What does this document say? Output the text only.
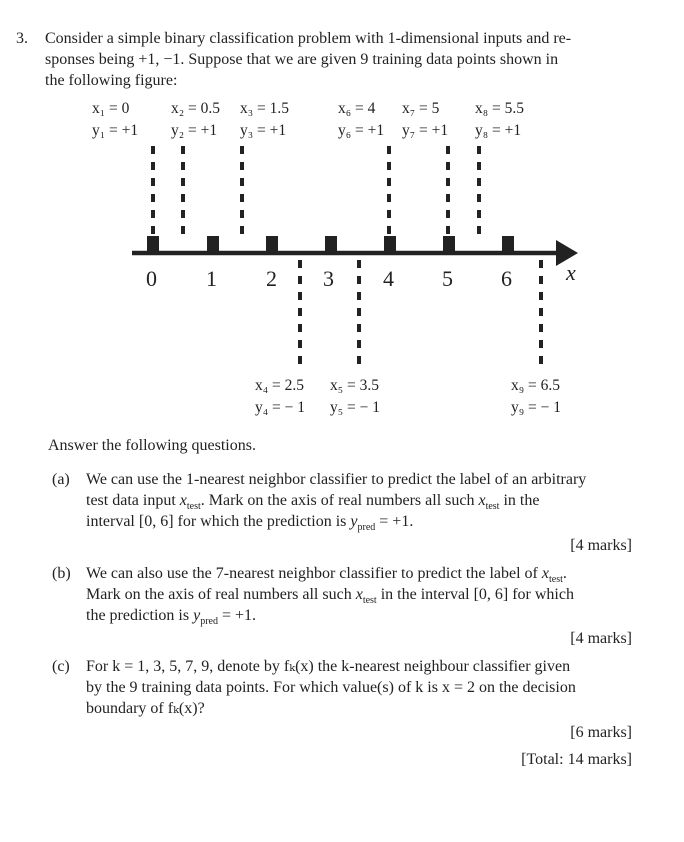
3. Consider a simple binary classification problem with 1-dimensional inputs and re-
sponses being +1, −1. Suppose that we are given 9 training data points shown in
the following figure:
x₁ = 0
y₁ = +1
x₂ = 0.5
y₂ = +1
x₃ = 1.5
y₃ = +1
x₆ = 4
y₆ = +1
x₇ = 5
y₇ = +1
x₈ = 5.5
y₈ = +1
0 1 2 3 4 5 6 x
x₄ = 2.5
y₄ = − 1
x₅ = 3.5
y₅ = − 1
x₉ = 6.5
y₉ = − 1
Answer the following questions.
(a) We can use the 1-nearest neighbor classifier to predict the label of an arbitrary
test data input $x_{test}$. Mark on the axis of real numbers all such $x_{test}$ in the
interval [0, 6] for which the prediction is $y_{pred} = +1$.
[4 marks]
(b) We can also use the 7-nearest neighbor classifier to predict the label of $x_{test}$.
Mark on the axis of real numbers all such $x_{test}$ in the interval [0, 6] for which
the prediction is $y_{pred} = +1$.
[4 marks]
(c) For k = 1, 3, 5, 7, 9, denote by fₖ(x) the k-nearest neighbour classifier given
by the 9 training data points. For which value(s) of k is x = 2 on the decision
boundary of fₖ(x)?
[6 marks]
[Total: 14 marks]
